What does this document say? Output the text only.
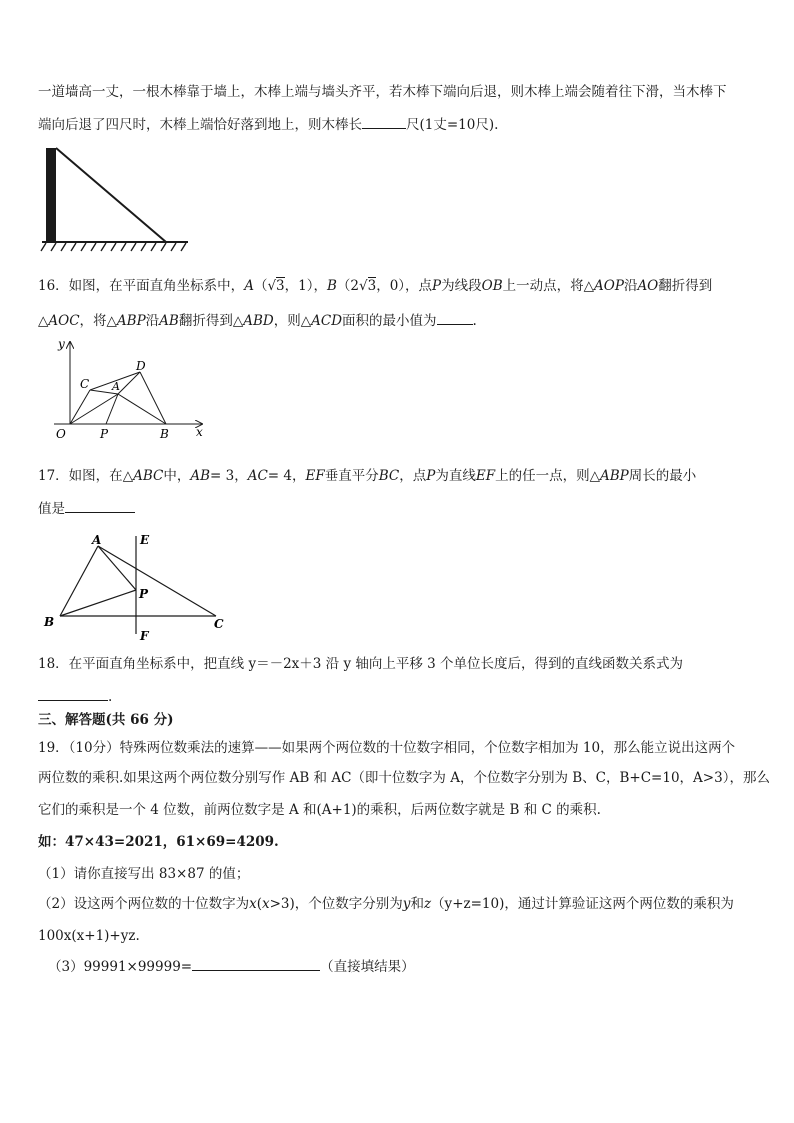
一道墙高一丈，一根木棒靠于墙上，木棒上端与墙头齐平，若木棒下端向后退，则木棒上端会随着往下滑，当木棒下
端向后退了四尺时，木棒上端恰好落到地上，则木棒长	尺(1丈=10尺).
16．如图，在平面直角坐标系中，A（√3，1），B（2√3，0），点P为线段OB上一动点，将△AOP沿AO翻折得到
△AOC，将△ABP沿AB翻折得到△ABD，则△ACD面积的最小值为	.
y
x
O	P	B
C A
D
17．如图，在△ABC中，AB= 3，AC= 4，EF垂直平分BC，点P为直线EF上的任一点，则△ABP周长的最小
值是
A
B	C
E
F
P
18．在平面直角坐标系中，把直线 y＝－2x＋3 沿 y 轴向上平移 3 个单位长度后，得到的直线函数关系式为
.
三、解答题(共 66 分)
19．（10分）特殊两位数乘法的速算——如果两个两位数的十位数字相同，个位数字相加为 10，那么能立说出这两个
两位数的乘积.如果这两个两位数分别写作 AB 和 AC（即十位数字为 A，个位数字分别为 B、C，B+C=10，A>3），那么
它们的乘积是一个 4 位数，前两位数字是 A 和(A+1)的乘积，后两位数字就是 B 和 C 的乘积.
如：47×43=2021，61×69=4209.
（1）请你直接写出 83×87 的值；
（2）设这两个两位数的十位数字为x(x>3)，个位数字分别为y和z（y+z=10)，通过计算验证这两个两位数的乘积为
100x(x+1)+yz.
（3）99991×99999=	（直接填结果）
